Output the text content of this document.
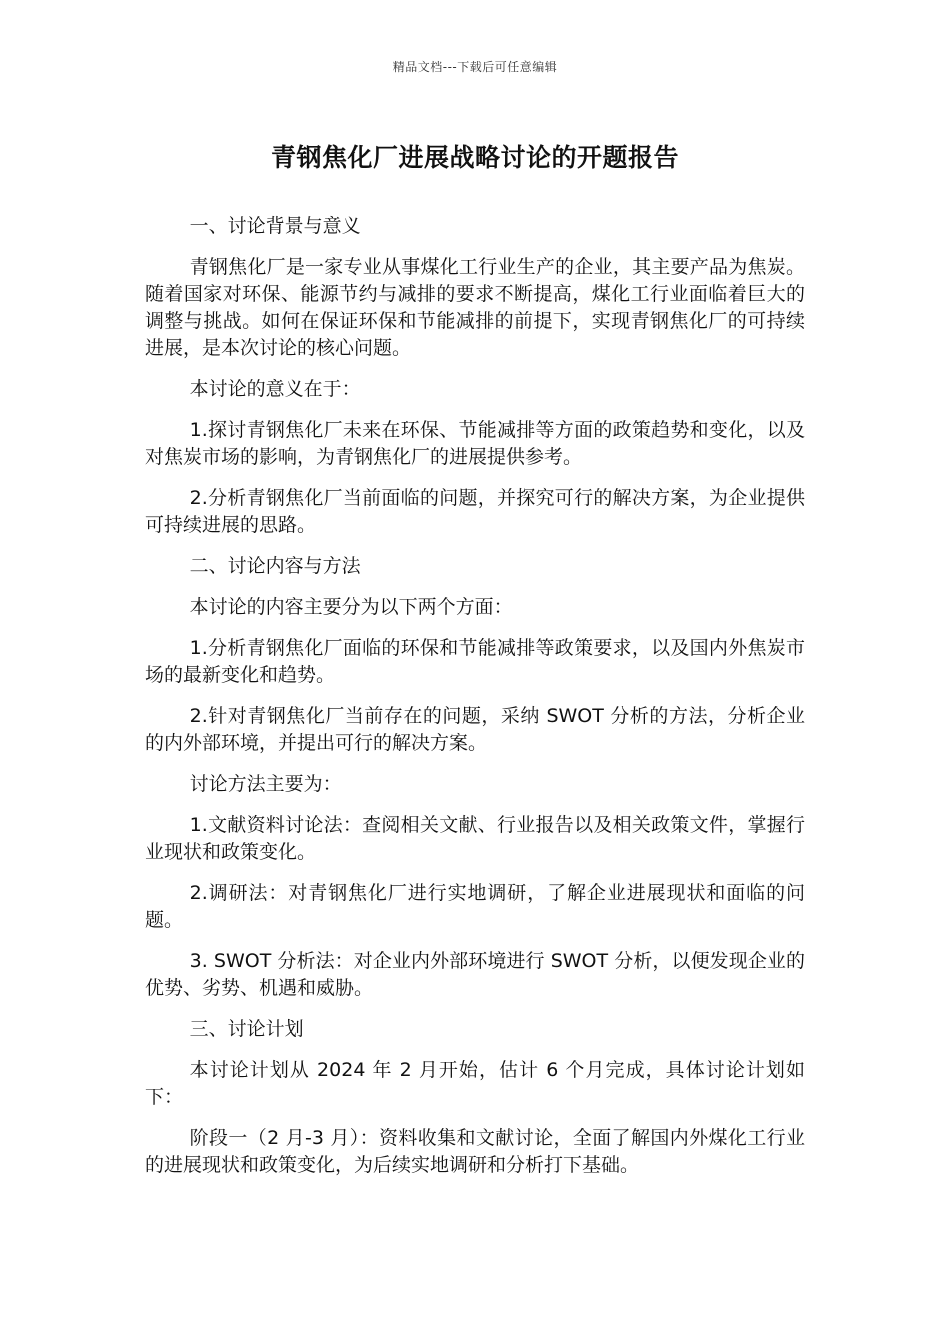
精品文档---下载后可任意编辑
青钢焦化厂进展战略讨论的开题报告

一、讨论背景与意义

青钢焦化厂是一家专业从事煤化工行业生产的企业，其主要产品为焦炭。随着国家对环保、能源节约与减排的要求不断提高，煤化工行业面临着巨大的调整与挑战。如何在保证环保和节能减排的前提下，实现青钢焦化厂的可持续进展，是本次讨论的核心问题。

本讨论的意义在于：

1.探讨青钢焦化厂未来在环保、节能减排等方面的政策趋势和变化，以及对焦炭市场的影响，为青钢焦化厂的进展提供参考。

2.分析青钢焦化厂当前面临的问题，并探究可行的解决方案，为企业提供可持续进展的思路。

二、讨论内容与方法

本讨论的内容主要分为以下两个方面：

1.分析青钢焦化厂面临的环保和节能减排等政策要求，以及国内外焦炭市场的最新变化和趋势。

2.针对青钢焦化厂当前存在的问题，采纳 SWOT 分析的方法，分析企业的内外部环境，并提出可行的解决方案。

讨论方法主要为：

1.文献资料讨论法：查阅相关文献、行业报告以及相关政策文件，掌握行业现状和政策变化。

2.调研法：对青钢焦化厂进行实地调研，了解企业进展现状和面临的问题。

3. SWOT 分析法：对企业内外部环境进行 SWOT 分析，以便发现企业的优势、劣势、机遇和威胁。

三、讨论计划

本讨论计划从 2024 年 2 月开始，估计 6 个月完成，具体讨论计划如下：

阶段一（2 月-3 月）：资料收集和文献讨论，全面了解国内外煤化工行业的进展现状和政策变化，为后续实地调研和分析打下基础。
